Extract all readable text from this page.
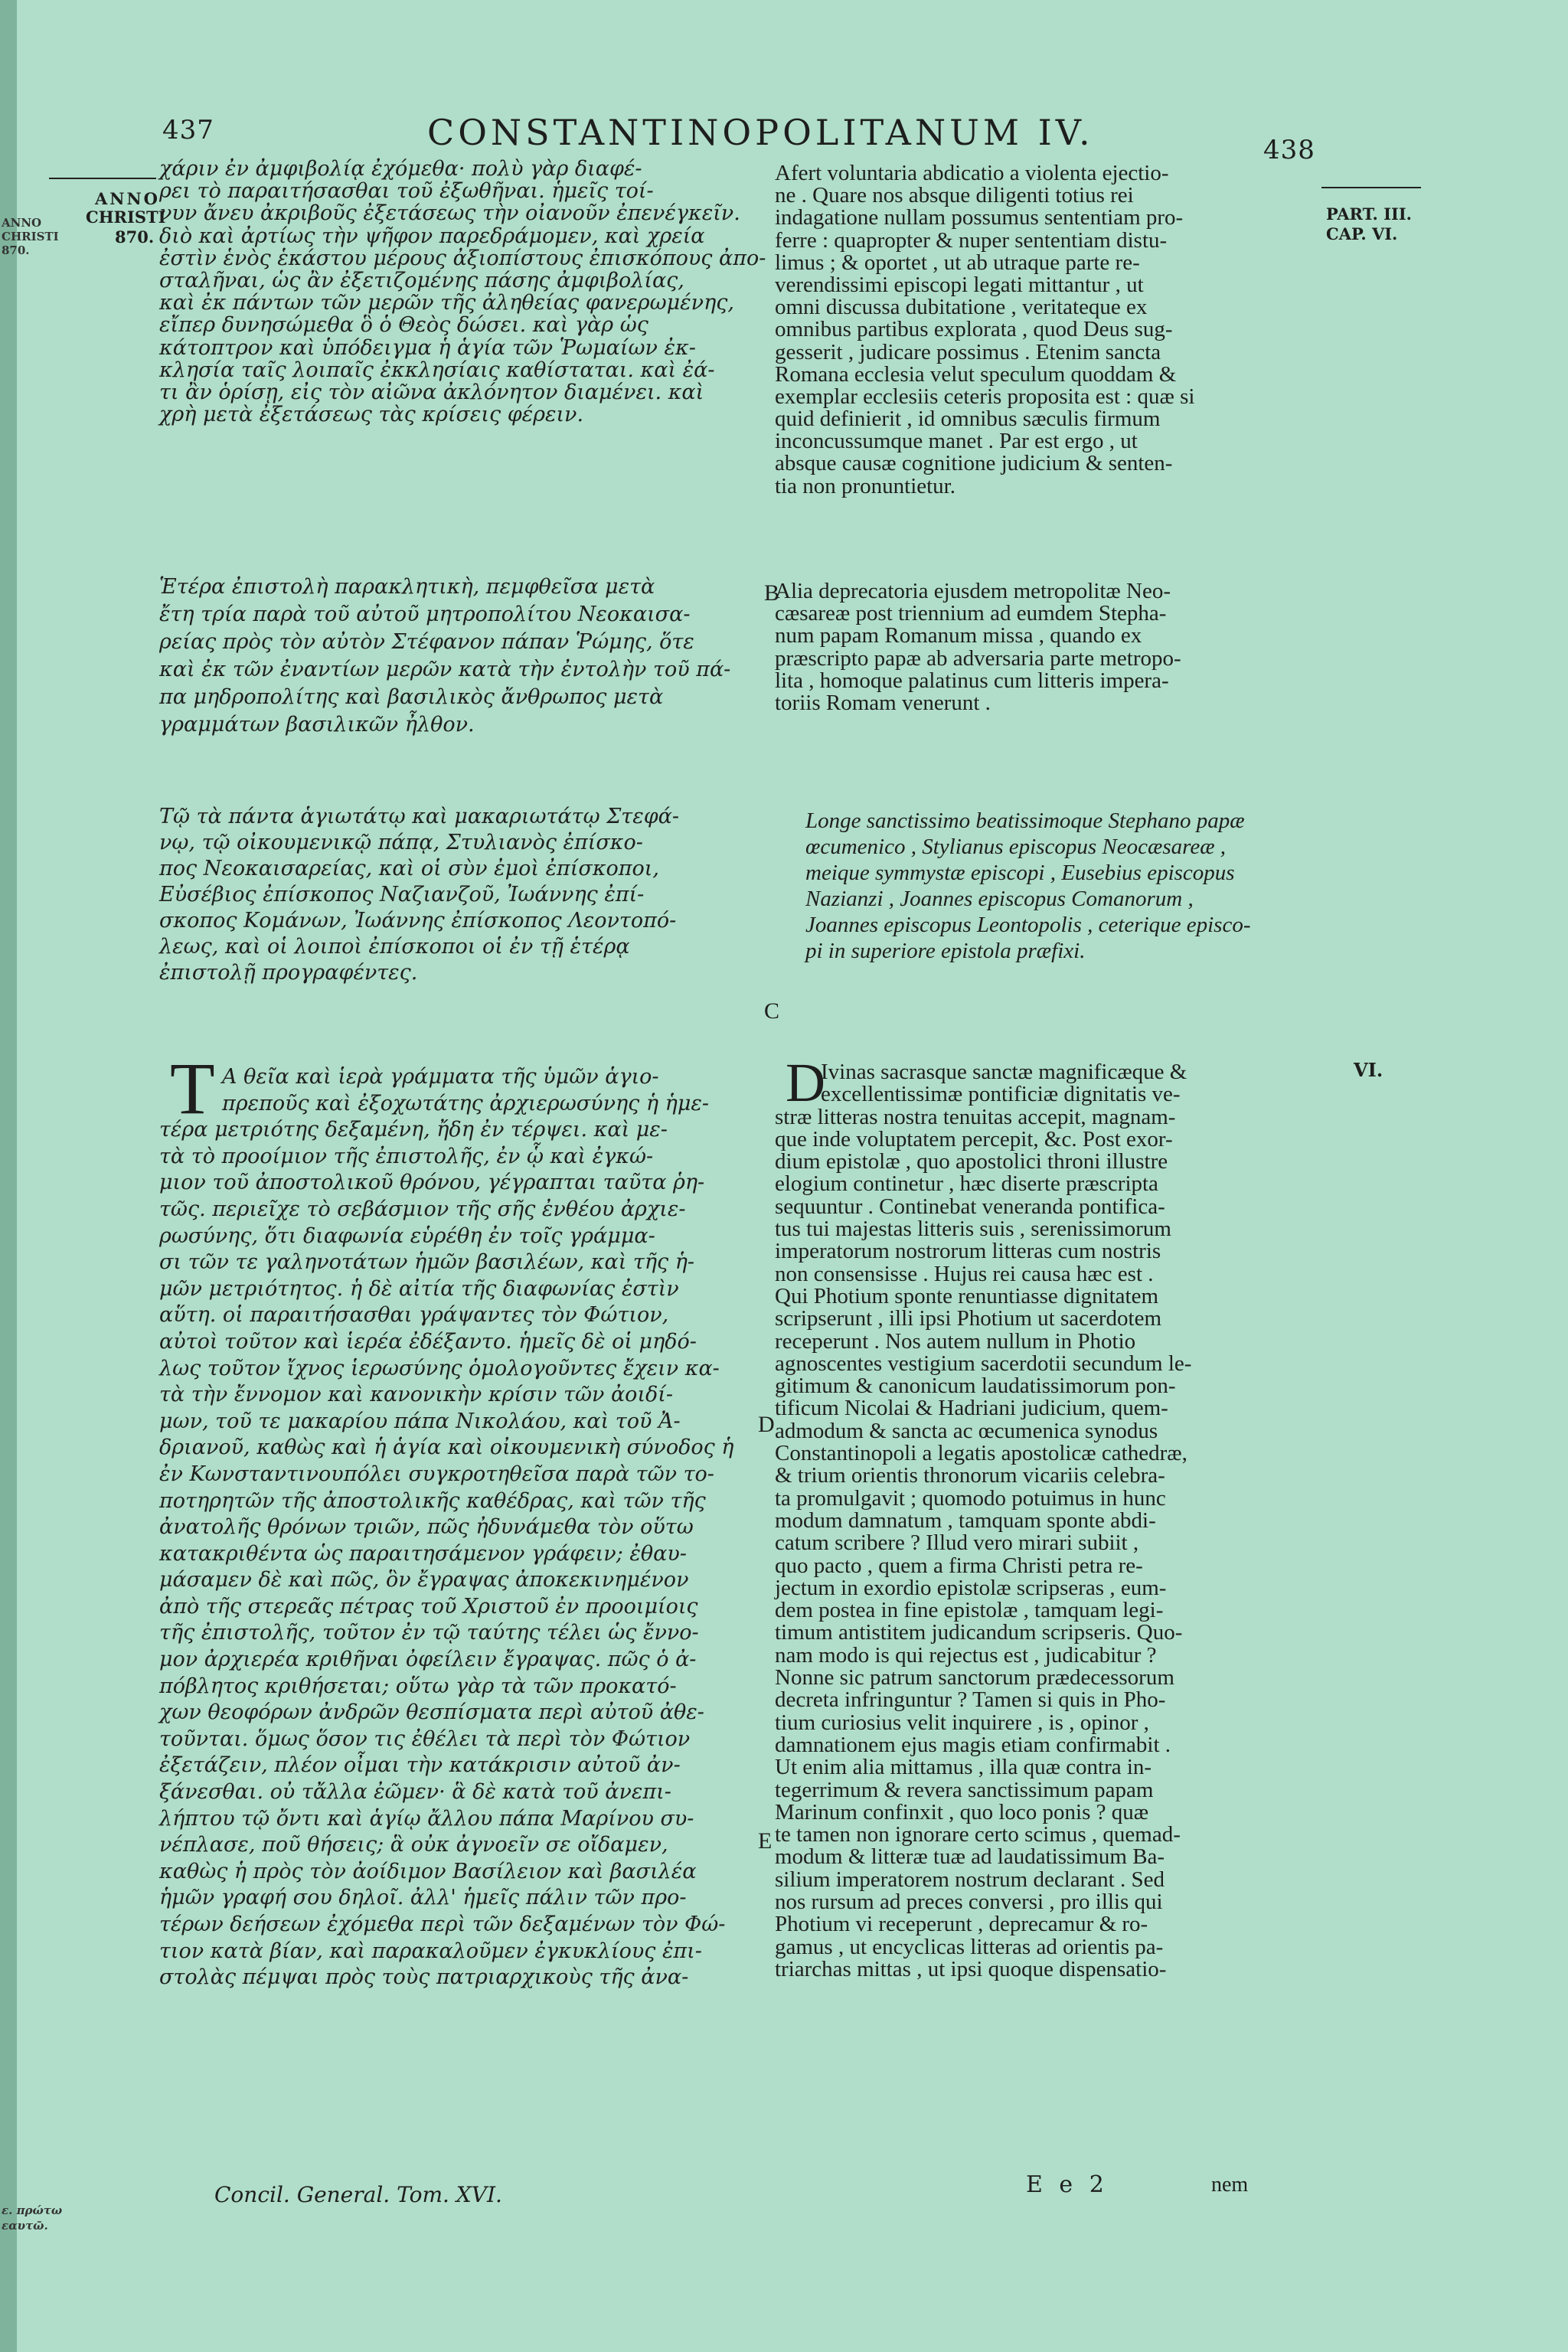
ANNO
CHRISTI
870.
ε. πρώτω
εαυτῶ.
437	CONSTANTINOPOLITANUM IV.	438
ANNO
CHRISTI
870.
PART. III.
CAP. VI.
VI.
B
C
D
E
χάριν ἐν ἀμφιβολίᾳ ἐχόμεθα· πολὺ γὰρ διαφέ-
ρει τὸ παραιτήσασθαι τοῦ ἐξωθῆναι. ἡμεῖς τοί-
νυν ἄνευ ἀκριβοῦς ἐξετάσεως τὴν οἰανοῦν ἐπενέγκεῖν.
διὸ καὶ ἀρτίως τὴν ψῆφον παρεδράμομεν, καὶ χρεία
ἐστὶν ἑνὸς ἑκάστου μέρους ἀξιοπίστους ἐπισκόπους ἀπο-
σταλῆναι, ὡς ἂν ἐξετιζομένης πάσης ἀμφιβολίας,
καὶ ἐκ πάντων τῶν μερῶν τῆς ἀληθείας φανερωμένης,
εἴπερ δυνησώμεθα ὃ ὁ Θεὸς δώσει. καὶ γὰρ ὡς
κάτοπτρον καὶ ὑπόδειγμα ἡ ἁγία τῶν Ῥωμαίων ἐκ-
κλησία ταῖς λοιπαῖς ἐκκλησίαις καθίσταται. καὶ ἐά-
τι ἂν ὁρίσῃ, εἰς τὸν αἰῶνα ἀκλόνητον διαμένει. καὶ
χρὴ μετὰ ἐξετάσεως τὰς κρίσεις φέρειν.
Afert voluntaria abdicatio a violenta ejectio-
ne . Quare nos absque diligenti totius rei
indagatione nullam possumus sententiam pro-
ferre : quapropter & nuper sententiam distu-
limus ; & oportet , ut ab utraque parte re-
verendissimi episcopi legati mittantur , ut
omni discussa dubitatione , veritateque ex
omnibus partibus explorata , quod Deus sug-
gesserit , judicare possimus . Etenim sancta
Romana ecclesia velut speculum quoddam &
exemplar ecclesiis ceteris proposita est : quæ si
quid definierit , id omnibus sæculis firmum
inconcussumque manet . Par est ergo , ut
absque causæ cognitione judicium & senten-
tia non pronuntietur.
Ἑτέρα ἐπιστολὴ παρακλητικὴ, πεμφθεῖσα μετὰ
ἔτη τρία παρὰ τοῦ αὐτοῦ μητροπολίτου Νεοκαισα-
ρείας πρὸς τὸν αὐτὸν Στέφανον πάπαν Ῥώμης, ὅτε
καὶ ἐκ τῶν ἐναντίων μερῶν κατὰ τὴν ἐντολὴν τοῦ πά-
πα μηδροπολίτης καὶ βασιλικὸς ἄνθρωπος μετὰ
γραμμάτων βασιλικῶν ἦλθον.
Alia deprecatoria ejusdem metropolitæ Neo-
cæsareæ post triennium ad eumdem Stepha-
num papam Romanum missa , quando ex
præscripto papæ ab adversaria parte metropo-
lita , homoque palatinus cum litteris impera-
toriis Romam venerunt .
Τῷ τὰ πάντα ἁγιωτάτῳ καὶ μακαριωτάτῳ Στεφά-
νῳ, τῷ οἰκουμενικῷ πάπᾳ, Στυλιανὸς ἐπίσκο-
πος Νεοκαισαρείας, καὶ οἱ σὺν ἐμοὶ ἐπίσκοποι,
Εὐσέβιος ἐπίσκοπος Ναζιανζοῦ, Ἰωάννης ἐπί-
σκοπος Κομάνων, Ἰωάννης ἐπίσκοπος Λεοντοπό-
λεως, καὶ οἱ λοιποὶ ἐπίσκοποι οἱ ἐν τῇ ἑτέρᾳ
ἐπιστολῇ προγραφέντες.
Longe sanctissimo beatissimoque Stephano papæ
œcumenico , Stylianus episcopus Neocæsareæ ,
meique symmystæ episcopi , Eusebius episcopus
Nazianzi , Joannes episcopus Comanorum ,
Joannes episcopus Leontopolis , ceterique episco-
pi in superiore epistola præfixi.
Τ Α θεῖα καὶ ἱερὰ γράμματα τῆς ὑμῶν ἁγιο-
πρεποῦς καὶ ἐξοχωτάτης ἀρχιερωσύνης ἡ ἡμε-
τέρα μετριότης δεξαμένη, ἤδη ἐν τέρψει. καὶ με-
τὰ τὸ προοίμιον τῆς ἐπιστολῆς, ἐν ᾧ καὶ ἐγκώ-
μιον τοῦ ἀποστολικοῦ θρόνου, γέγραπται ταῦτα ῥη-
τῶς. περιεῖχε τὸ σεβάσμιον τῆς σῆς ἐνθέου ἀρχιε-
ρωσύνης, ὅτι διαφωνία εὑρέθη ἐν τοῖς γράμμα-
σι τῶν τε γαληνοτάτων ἡμῶν βασιλέων, καὶ τῆς ἡ-
μῶν μετριότητος. ἡ δὲ αἰτία τῆς διαφωνίας ἐστὶν
αὕτη. οἱ παραιτήσασθαι γράψαντες τὸν Φώτιον,
αὐτοὶ τοῦτον καὶ ἱερέα ἐδέξαντο. ἡμεῖς δὲ οἱ μηδό-
λως τοῦτον ἴχνος ἱερωσύνης ὁμολογοῦντες ἔχειν κα-
τὰ τὴν ἔννομον καὶ κανονικὴν κρίσιν τῶν ἀοιδί-
μων, τοῦ τε μακαρίου πάπα Νικολάου, καὶ τοῦ Ἀ-
δριανοῦ, καθὼς καὶ ἡ ἁγία καὶ οἰκουμενικὴ σύνοδος ἡ
ἐν Κωνσταντινουπόλει συγκροτηθεῖσα παρὰ τῶν το-
ποτηρητῶν τῆς ἀποστολικῆς καθέδρας, καὶ τῶν τῆς
ἀνατολῆς θρόνων τριῶν, πῶς ἠδυνάμεθα τὸν οὕτω
κατακριθέντα ὡς παραιτησάμενον γράφειν; ἐθαυ-
μάσαμεν δὲ καὶ πῶς, ὃν ἔγραψας ἀποκεκινημένον
ἀπὸ τῆς στερεᾶς πέτρας τοῦ Χριστοῦ ἐν προοιμίοις
τῆς ἐπιστολῆς, τοῦτον ἐν τῷ ταύτης τέλει ὡς ἔννο-
μον ἀρχιερέα κριθῆναι ὀφείλειν ἔγραψας. πῶς ὁ ἀ-
πόβλητος κριθήσεται; οὕτω γὰρ τὰ τῶν προκατό-
χων θεοφόρων ἀνδρῶν θεσπίσματα περὶ αὐτοῦ ἀθε-
τοῦνται. ὅμως ὅσον τις ἐθέλει τὰ περὶ τὸν Φώτιον
ἐξετάζειν, πλέον οἶμαι τὴν κατάκρισιν αὐτοῦ ἀν-
ξάνεσθαι. οὐ τἄλλα ἐῶμεν· ἃ δὲ κατὰ τοῦ ἀνεπι-
λήπτου τῷ ὄντι καὶ ἁγίῳ ἄλλου πάπα Μαρίνου συ-
νέπλασε, ποῦ θήσεις; ἃ οὐκ ἀγνοεῖν σε οἴδαμεν,
καθὼς ἡ πρὸς τὸν ἀοίδιμον Βασίλειον καὶ βασιλέα
ἡμῶν γραφή σου δηλοῖ. ἀλλ' ἡμεῖς πάλιν τῶν προ-
τέρων δεήσεων ἐχόμεθα περὶ τῶν δεξαμένων τὸν Φώ-
τιον κατὰ βίαν, καὶ παρακαλοῦμεν ἐγκυκλίους ἐπι-
στολὰς πέμψαι πρὸς τοὺς πατριαρχικοὺς τῆς ἀνα-
D
Ivinas sacrasque sanctæ magnificæque &
excellentissimæ pontificiæ dignitatis ve-
stræ litteras nostra tenuitas accepit, magnam-
que inde voluptatem percepit, &c. Post exor-
dium epistolæ , quo apostolici throni illustre
elogium continetur , hæc diserte præscripta
sequuntur . Continebat veneranda pontifica-
tus tui majestas litteris suis , serenissimorum
imperatorum nostrorum litteras cum nostris
non consensisse . Hujus rei causa hæc est .
Qui Photium sponte renuntiasse dignitatem
scripserunt , illi ipsi Photium ut sacerdotem
receperunt . Nos autem nullum in Photio
agnoscentes vestigium sacerdotii secundum le-
gitimum & canonicum laudatissimorum pon-
tificum Nicolai & Hadriani judicium, quem-
admodum & sancta ac œcumenica synodus
Constantinopoli a legatis apostolicæ cathedræ,
& trium orientis thronorum vicariis celebra-
ta promulgavit ; quomodo potuimus in hunc
modum damnatum , tamquam sponte abdi-
catum scribere ? Illud vero mirari subiit ,
quo pacto , quem a firma Christi petra re-
jectum in exordio epistolæ scripseras , eum-
dem postea in fine epistolæ , tamquam legi-
timum antistitem judicandum scripseris. Quo-
nam modo is qui rejectus est , judicabitur ?
Nonne sic patrum sanctorum prædecessorum
decreta infringuntur ? Tamen si quis in Pho-
tium curiosius velit inquirere , is , opinor ,
damnationem ejus magis etiam confirmabit .
Ut enim alia mittamus , illa quæ contra in-
tegerrimum & revera sanctissimum papam
Marinum confinxit , quo loco ponis ? quæ
te tamen non ignorare certo scimus , quemad-
modum & litteræ tuæ ad laudatissimum Ba-
silium imperatorem nostrum declarant . Sed
nos rursum ad preces conversi , pro illis qui
Photium vi receperunt , deprecamur & ro-
gamus , ut encyclicas litteras ad orientis pa-
triarchas mittas , ut ipsi quoque dispensatio-
Concil. General. Tom. XVI.	E e 2	nem
